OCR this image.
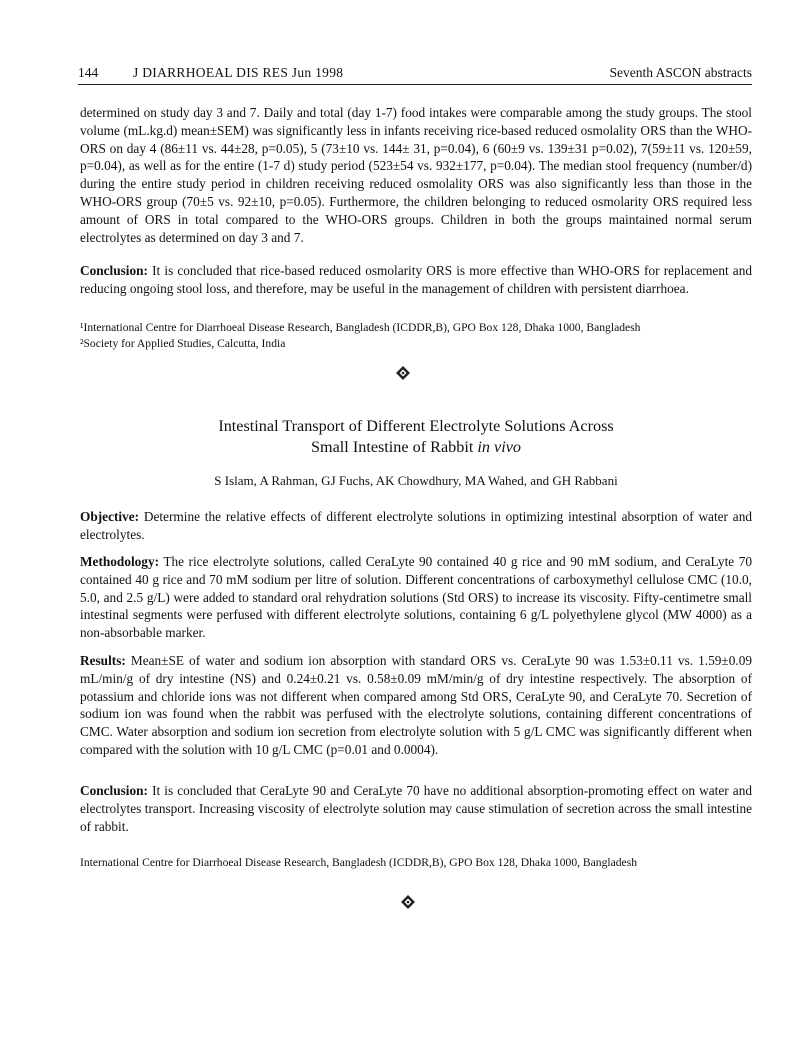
144	J DIARRHOEAL DIS RES Jun 1998	Seventh ASCON abstracts

determined on study day 3 and 7. Daily and total (day 1-7) food intakes were comparable among the study groups. The stool volume (mL.kg.d) mean±SEM) was significantly less in infants receiving rice-based reduced osmolality ORS than the WHO-ORS on day 4 (86±11 vs. 44±28, p=0.05), 5 (73±10 vs. 144± 31, p=0.04), 6 (60±9 vs. 139±31 p=0.02), 7(59±11 vs. 120±59, p=0.04), as well as for the entire (1-7 d) study period (523±54 vs. 932±177, p=0.04). The median stool frequency (number/d) during the entire study period in children receiving reduced osmolality ORS was also significantly less than those in the WHO-ORS group (70±5 vs. 92±10, p=0.05). Furthermore, the children belonging to reduced osmolarity ORS required less amount of ORS in total compared to the WHO-ORS groups. Children in both the groups maintained normal serum electrolytes as determined on day 3 and 7.

Conclusion: It is concluded that rice-based reduced osmolarity ORS is more effective than WHO-ORS for replacement and reducing ongoing stool loss, and therefore, may be useful in the management of children with persistent diarrhoea.

¹International Centre for Diarrhoeal Disease Research, Bangladesh (ICDDR,B), GPO Box 128, Dhaka 1000, Bangladesh

²Society for Applied Studies, Calcutta, India

Intestinal Transport of Different Electrolyte Solutions Across

Small Intestine of Rabbit in vivo

S Islam, A Rahman, GJ Fuchs, AK Chowdhury, MA Wahed, and GH Rabbani

Objective: Determine the relative effects of different electrolyte solutions in optimizing intestinal absorption of water and electrolytes.

Methodology: The rice electrolyte solutions, called CeraLyte 90 contained 40 g rice and 90 mM sodium, and CeraLyte 70 contained 40 g rice and 70 mM sodium per litre of solution. Different concentrations of carboxymethyl cellulose CMC (10.0, 5.0, and 2.5 g/L) were added to standard oral rehydration solutions (Std ORS) to increase its viscosity. Fifty-centimetre small intestinal segments were perfused with different electrolyte solutions, containing 6 g/L polyethylene glycol (MW 4000) as a non-absorbable marker.

Results: Mean±SE of water and sodium ion absorption with standard ORS vs. CeraLyte 90 was 1.53±0.11 vs. 1.59±0.09 mL/min/g of dry intestine (NS) and 0.24±0.21 vs. 0.58±0.09 mM/min/g of dry intestine respectively. The absorption of potassium and chloride ions was not different when compared among Std ORS, CeraLyte 90, and CeraLyte 70. Secretion of sodium ion was found when the rabbit was perfused with the electrolyte solutions, containing different concentrations of CMC. Water absorption and sodium ion secretion from electrolyte solution with 5 g/L CMC was significantly different when compared with the solution with 10 g/L CMC (p=0.01 and 0.0004).

Conclusion: It is concluded that CeraLyte 90 and CeraLyte 70 have no additional absorption-promoting effect on water and electrolytes transport. Increasing viscosity of electrolyte solution may cause stimulation of secretion across the small intestine of rabbit.

International Centre for Diarrhoeal Disease Research, Bangladesh (ICDDR,B), GPO Box 128, Dhaka 1000, Bangladesh
